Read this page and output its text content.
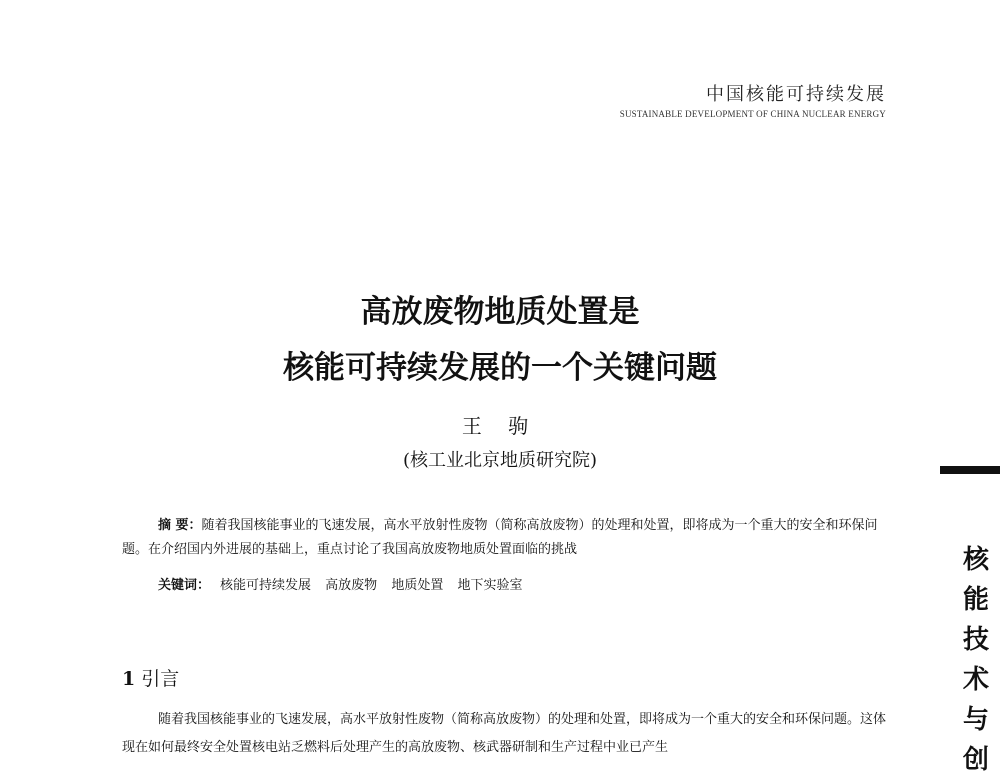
中国核能可持续发展
SUSTAINABLE DEVELOPMENT OF CHINA NUCLEAR ENERGY
高放废物地质处置是
核能可持续发展的一个关键问题
王 驹
(核工业北京地质研究院)
摘 要：随着我国核能事业的飞速发展，高水平放射性废物（简称高放废物）的处理和处置，即将成为一个重大的安全和环保问题。在介绍国内外进展的基础上，重点讨论了我国高放废物地质处置面临的挑战
关键词： 核能可持续发展 高放废物 地质处置 地下实验室
1 引言
随着我国核能事业的飞速发展，高水平放射性废物（简称高放废物）的处理和处置，即将成为一个重大的安全和环保问题。这体现在如何最终安全处置核电站乏燃料后处理产生的高放废物、核武器研制和生产过程中业已产生
核
能
技
术
与
创
